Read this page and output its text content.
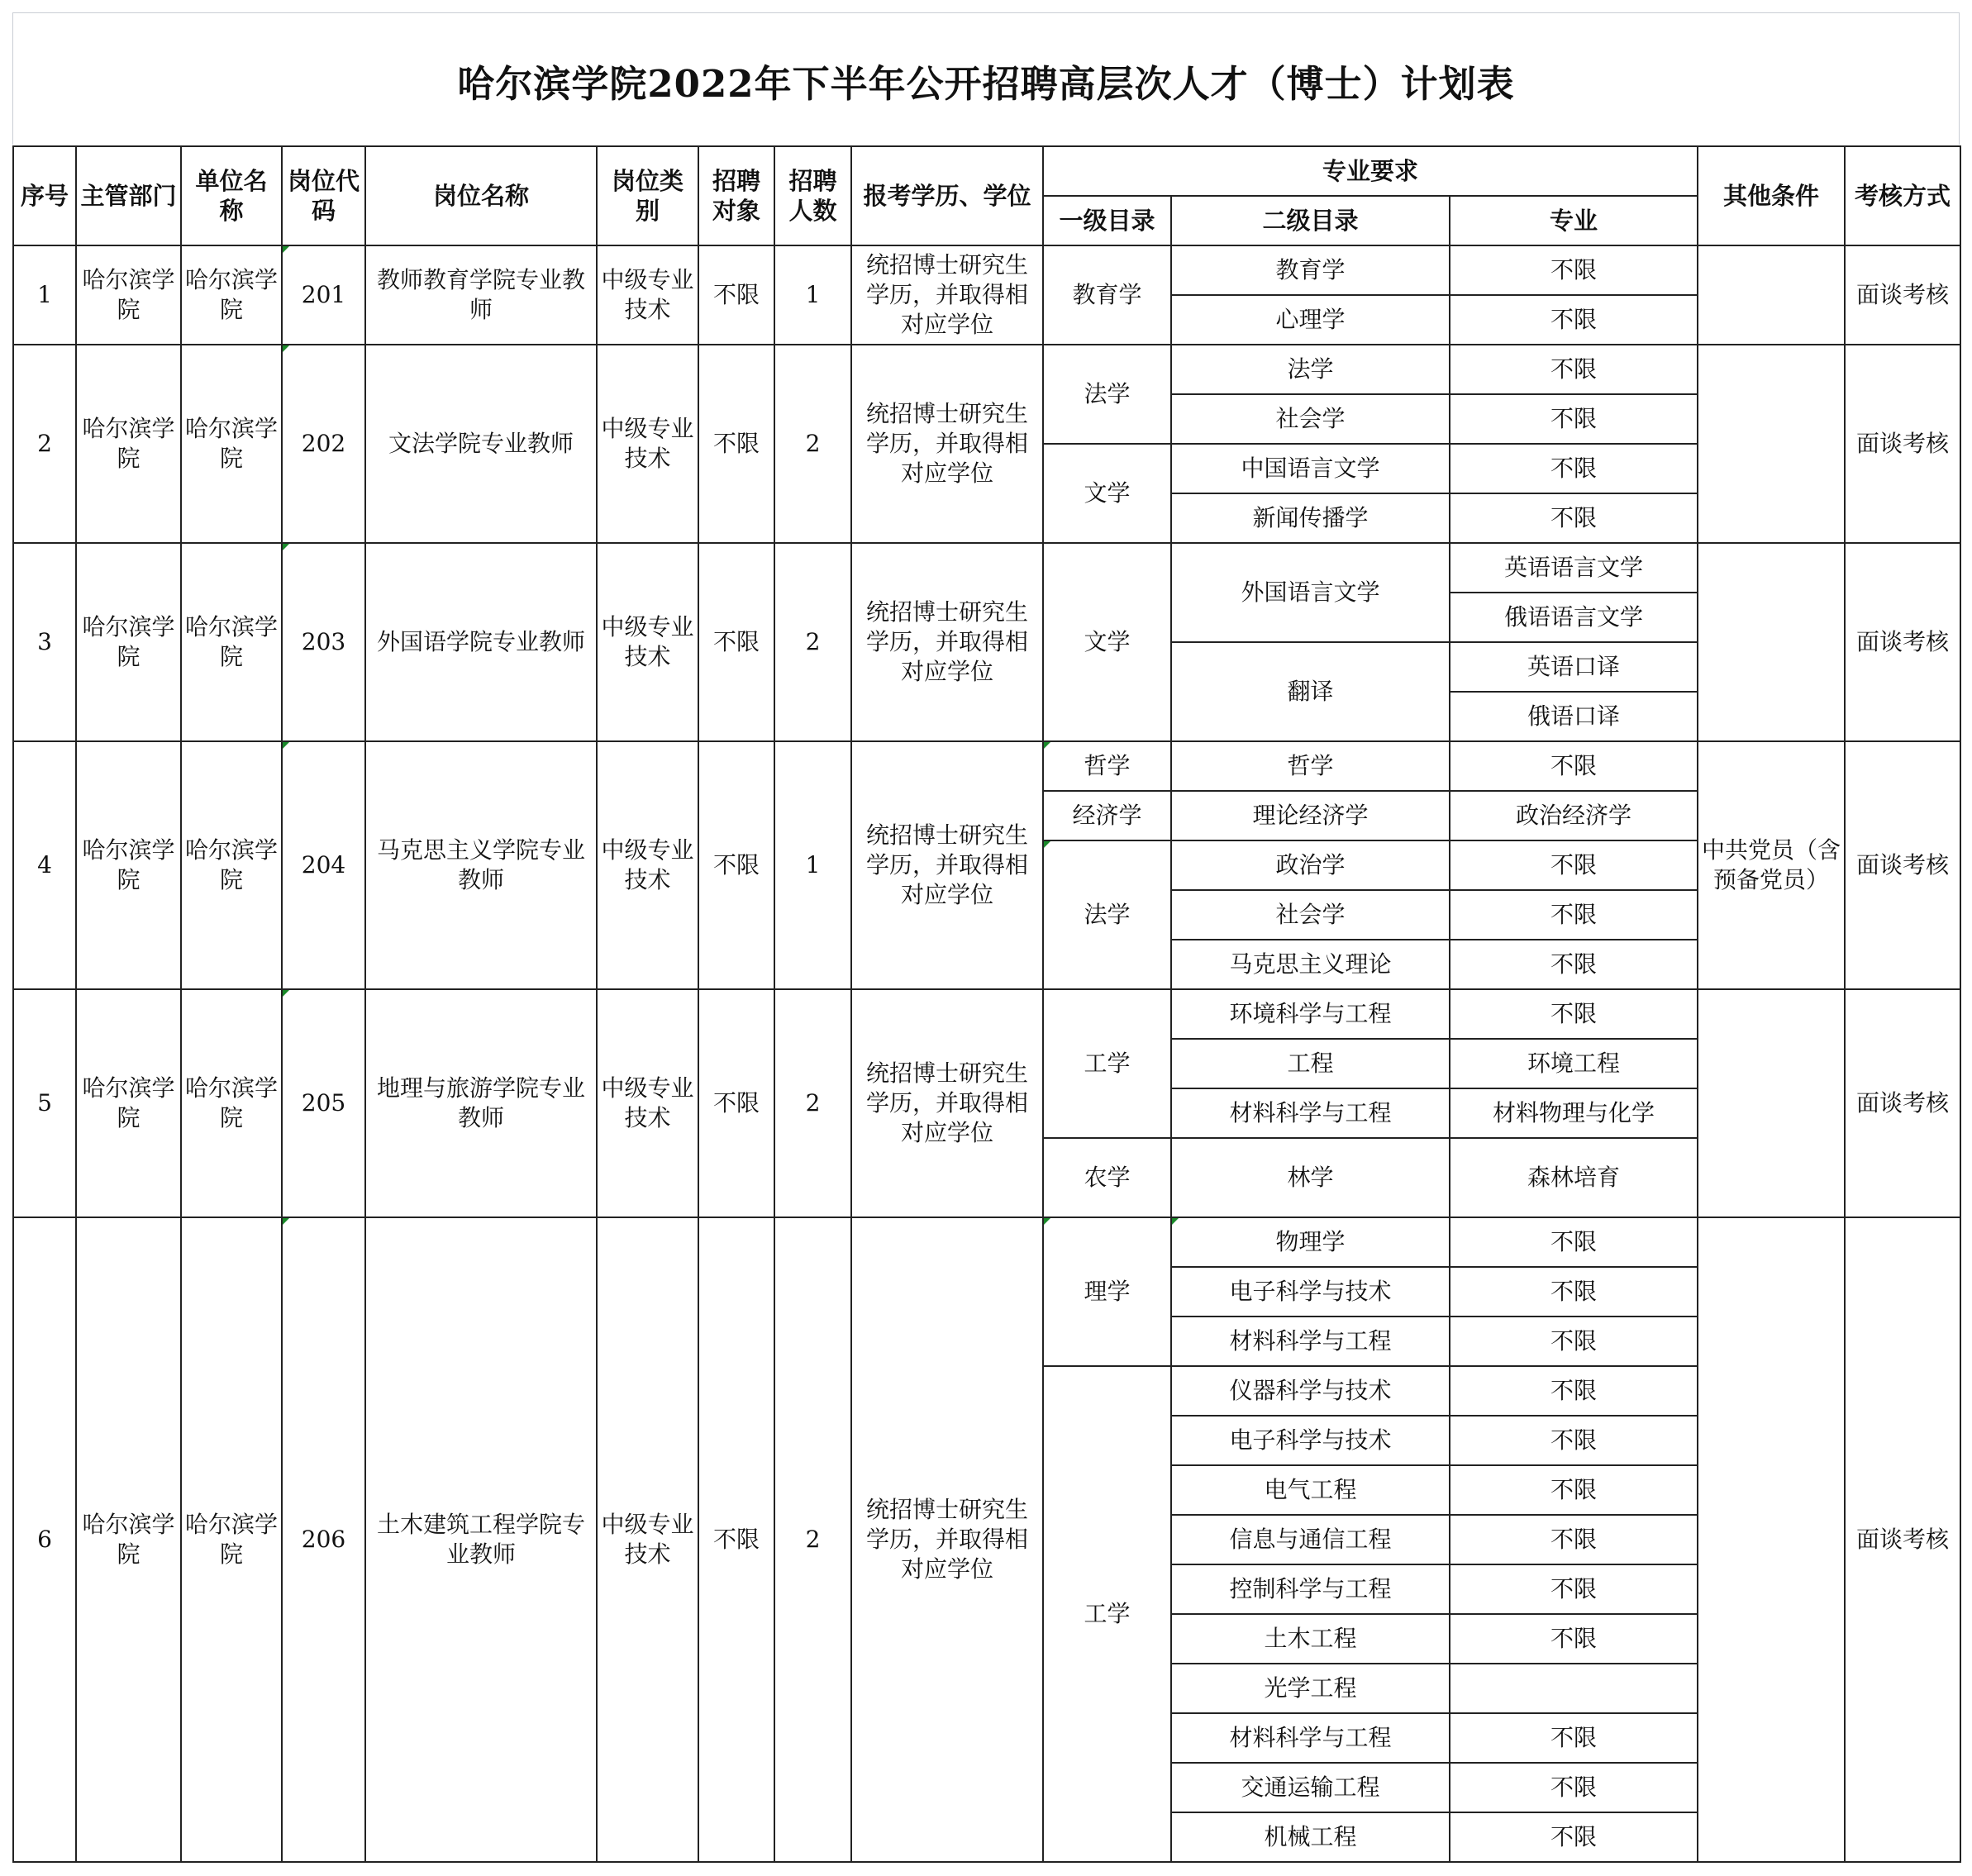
哈尔滨学院2022年下半年公开招聘高层次人才（博士）计划表
序号	主管部门	单位名称	岗位代码	岗位名称	岗位类别	招聘对象	招聘人数	报考学历、学位	专业要求			其他条件	考核方式
									一级目录	二级目录	专业		
1	哈尔滨学院	哈尔滨学院	201	教师教育学院专业教师	中级专业技术	不限	1	统招博士研究生学历，并取得相对应学位	教育学	教育学	不限		面谈考核
										心理学	不限		
2	哈尔滨学院	哈尔滨学院	202	文法学院专业教师	中级专业技术	不限	2	统招博士研究生学历，并取得相对应学位	法学	法学	不限		面谈考核
										社会学	不限		
									文学	中国语言文学	不限		
										新闻传播学	不限		
3	哈尔滨学院	哈尔滨学院	203	外国语学院专业教师	中级专业技术	不限	2	统招博士研究生学历，并取得相对应学位	文学	外国语言文学	英语语言文学		面谈考核
											俄语语言文学		
										翻译	英语口译		
											俄语口译		
4	哈尔滨学院	哈尔滨学院	204	马克思主义学院专业教师	中级专业技术	不限	1	统招博士研究生学历，并取得相对应学位	哲学	哲学	不限	中共党员（含预备党员）	面谈考核
									经济学	理论经济学	政治经济学		
									法学	政治学	不限		
										社会学	不限		
										马克思主义理论	不限		
5	哈尔滨学院	哈尔滨学院	205	地理与旅游学院专业教师	中级专业技术	不限	2	统招博士研究生学历，并取得相对应学位	工学	环境科学与工程	不限		面谈考核
										工程	环境工程		
										材料科学与工程	材料物理与化学		
									农学	林学	森林培育		
6	哈尔滨学院	哈尔滨学院	206	土木建筑工程学院专业教师	中级专业技术	不限	2	统招博士研究生学历，并取得相对应学位	理学	物理学	不限		面谈考核
										电子科学与技术	不限		
										材料科学与工程	不限		
									工学	仪器科学与技术	不限		
										电子科学与技术	不限		
										电气工程	不限		
										信息与通信工程	不限		
										控制科学与工程	不限		
										土木工程	不限		
										光学工程			
										材料科学与工程	不限		
										交通运输工程	不限		
										机械工程	不限		
